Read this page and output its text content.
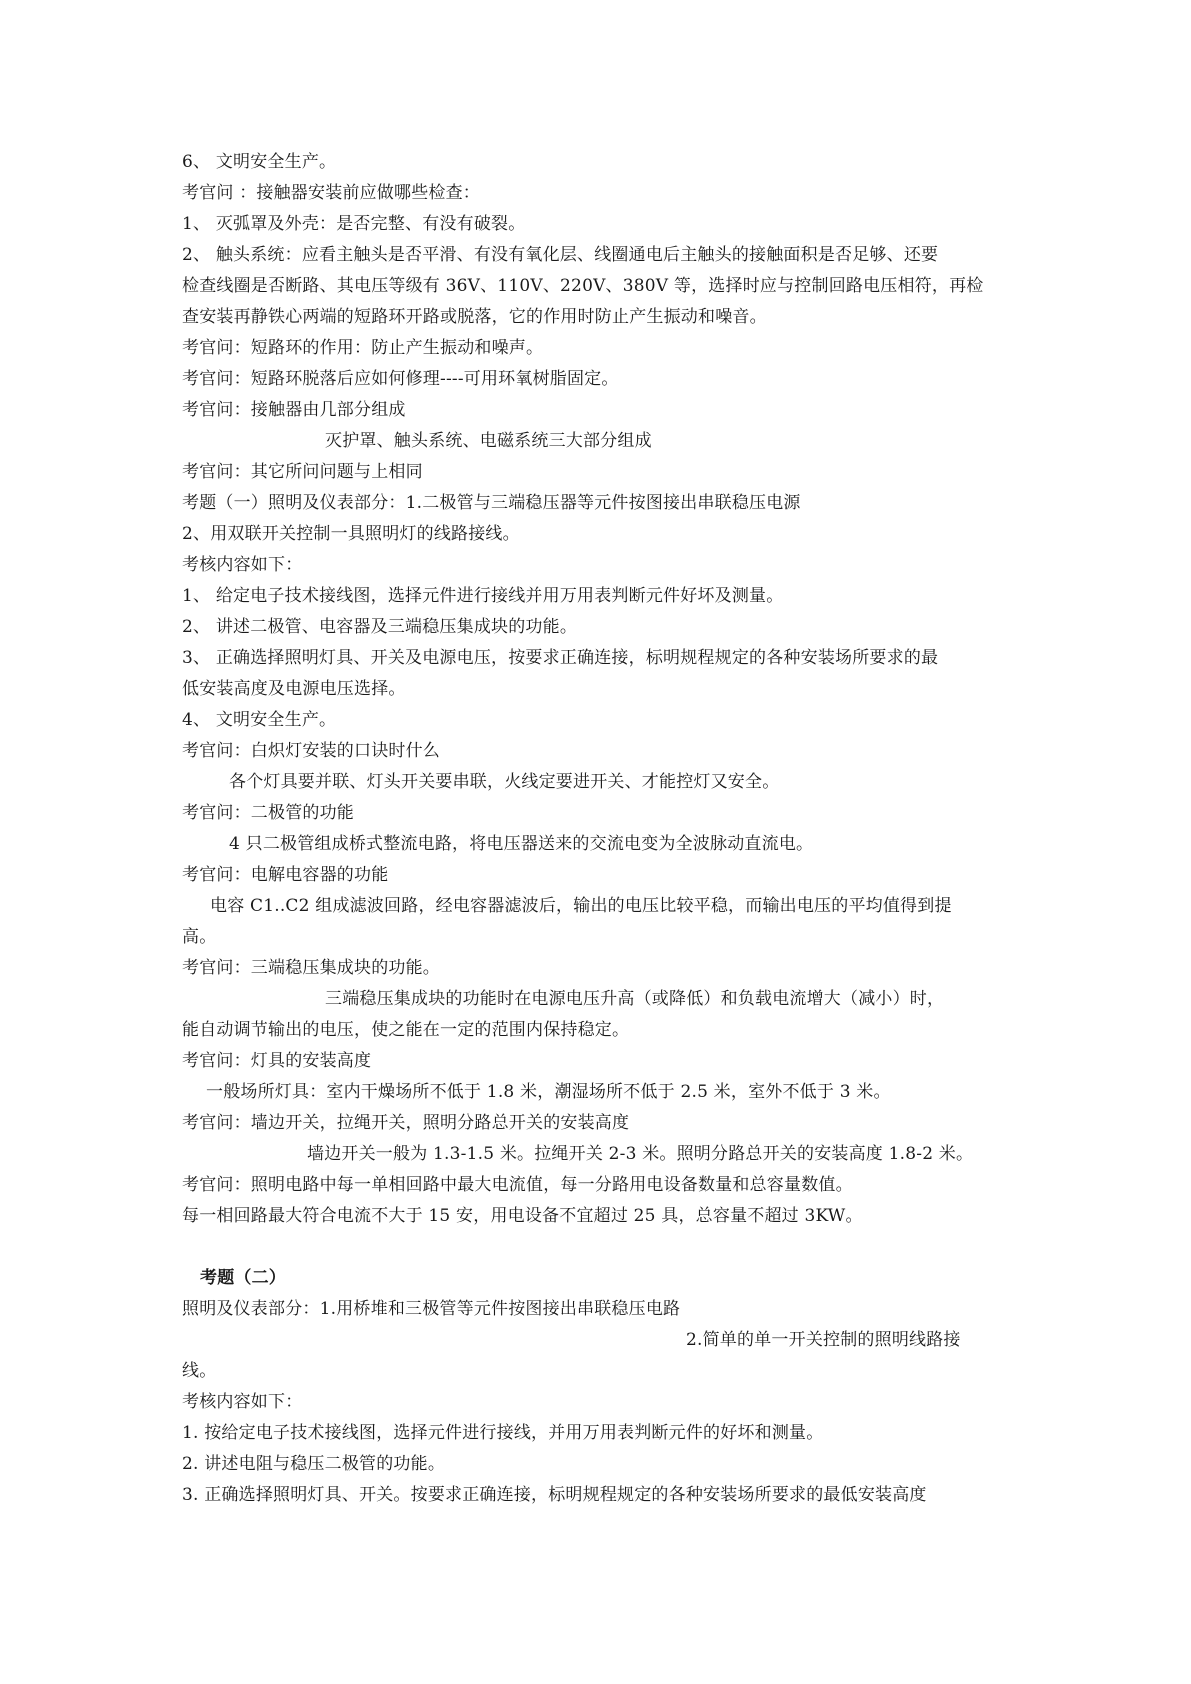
6、 文明安全生产。
考官问 ：接触器安装前应做哪些检查：
1、 灭弧罩及外壳：是否完整、有没有破裂。
2、 触头系统：应看主触头是否平滑、有没有氧化层、线圈通电后主触头的接触面积是否足够、还要
检查线圈是否断路、其电压等级有 36V、110V、220V、380V 等，选择时应与控制回路电压相符，再检
查安装再静铁心两端的短路环开路或脱落，它的作用时防止产生振动和噪音。
考官问：短路环的作用：防止产生振动和噪声。
考官问：短路环脱落后应如何修理----可用环氧树脂固定。
考官问：接触器由几部分组成
灭护罩、触头系统、电磁系统三大部分组成
考官问：其它所问问题与上相同
考题（一）照明及仪表部分：1.二极管与三端稳压器等元件按图接出串联稳压电源
2、用双联开关控制一具照明灯的线路接线。
考核内容如下：
1、 给定电子技术接线图，选择元件进行接线并用万用表判断元件好坏及测量。
2、 讲述二极管、电容器及三端稳压集成块的功能。
3、 正确选择照明灯具、开关及电源电压，按要求正确连接，标明规程规定的各种安装场所要求的最
低安装高度及电源电压选择。
4、 文明安全生产。
考官问：白炽灯安装的口诀时什么
各个灯具要并联、灯头开关要串联，火线定要进开关、才能控灯又安全。
考官问：二极管的功能
4 只二极管组成桥式整流电路，将电压器送来的交流电变为全波脉动直流电。
考官问：电解电容器的功能
电容 C1..C2 组成滤波回路，经电容器滤波后，输出的电压比较平稳，而输出电压的平均值得到提
高。
考官问：三端稳压集成块的功能。
三端稳压集成块的功能时在电源电压升高（或降低）和负载电流增大（减小）时，
能自动调节输出的电压，使之能在一定的范围内保持稳定。
考官问：灯具的安装高度
一般场所灯具：室内干燥场所不低于 1.8 米，潮湿场所不低于 2.5 米，室外不低于 3 米。
考官问：墙边开关，拉绳开关，照明分路总开关的安装高度
墙边开关一般为 1.3-1.5 米。拉绳开关 2-3 米。照明分路总开关的安装高度 1.8-2 米。
考官问：照明电路中每一单相回路中最大电流值，每一分路用电设备数量和总容量数值。
每一相回路最大符合电流不大于 15 安，用电设备不宜超过 25 具，总容量不超过 3KW。
考题（二）
照明及仪表部分：1.用桥堆和三极管等元件按图接出串联稳压电路
2.简单的单一开关控制的照明线路接
线。
考核内容如下：
1. 按给定电子技术接线图，选择元件进行接线，并用万用表判断元件的好坏和测量。
2. 讲述电阻与稳压二极管的功能。
3. 正确选择照明灯具、开关。按要求正确连接，标明规程规定的各种安装场所要求的最低安装高度
